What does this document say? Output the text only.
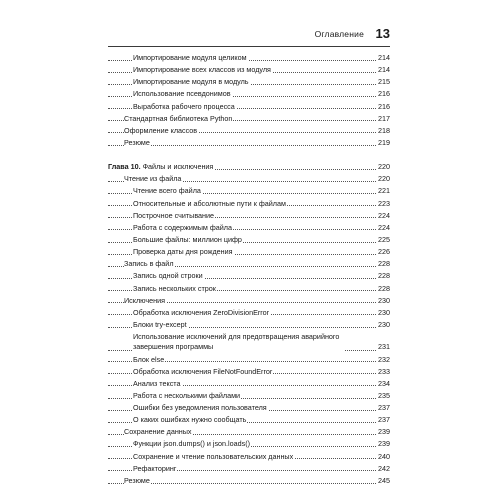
Оглавление 13
Импортирование модуля целиком	214
Импортирование всех классов из модуля	214
Импортирование модуля в модуль	215
Использование псевдонимов	216
Выработка рабочего процесса	216
Стандартная библиотека Python	217
Оформление классов	218
Резюме	219
Глава 10. Файлы и исключения	220
Чтение из файла	220
Чтение всего файла	221
Относительные и абсолютные пути к файлам	223
Построчное считывание	224
Работа с содержимым файла	224
Большие файлы: миллион цифр	225
Проверка даты дня рождения	226
Запись в файл	228
Запись одной строки	228
Запись нескольких строк	228
Исключения	230
Обработка исключения ZeroDivisionError	230
Блоки try-except	230
Использование исключений для предотвращения аварийного завершения программы	231
Блок else	232
Обработка исключения FileNotFoundError	233
Анализ текста	234
Работа с несколькими файлами	235
Ошибки без уведомления пользователя	237
О каких ошибках нужно сообщать	237
Сохранение данных	239
Функции json.dumps() и json.loads()	239
Сохранение и чтение пользовательских данных	240
Рефакторинг	242
Резюме	245
